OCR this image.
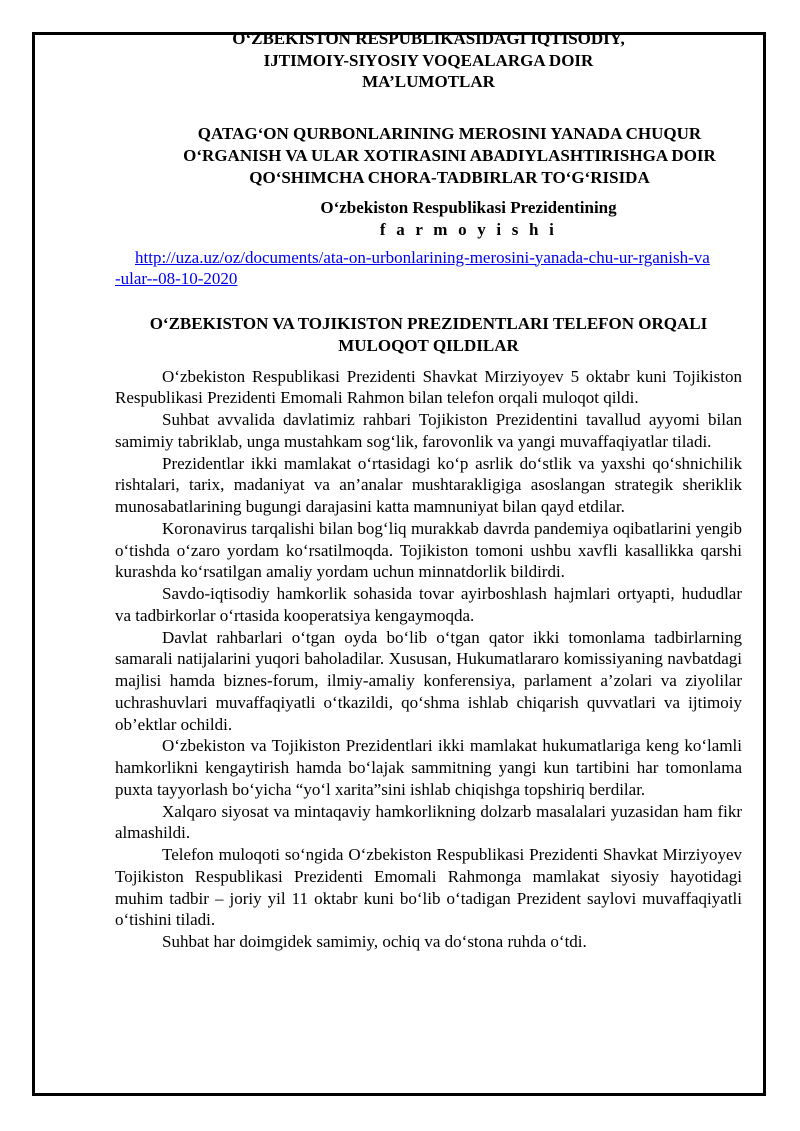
O‘ZBEKISTON RESPUBLIKASIDAGI IQTISODIY,
IJTIMOIY-SIYOSIY VOQEALARGA DOIR
MA’LUMOTLAR
QATAG‘ON QURBONLARINING MEROSINI YANADA CHUQUR
O‘RGANISH VA ULAR XOTIRASINI ABADIYLASHTIRISHGA DOIR
QO‘SHIMCHA CHORA-TADBIRLAR TO‘G‘RISIDA
O‘zbekiston Respublikasi Prezidentining
f a r m o y i s h i
http://uza.uz/oz/documents/ata-on-urbonlarining-merosini-yanada-chu-ur-rganish-va-ular--08-10-2020
O‘ZBEKISTON VA TOJIKISTON PREZIDENTLARI TELEFON ORQALI
MULOQOT QILDILAR

O‘zbekiston Respublikasi Prezidenti Shavkat Mirziyoyev 5 oktabr kuni Tojikiston Respublikasi Prezidenti Emomali Rahmon bilan telefon orqali muloqot qildi.

Suhbat avvalida davlatimiz rahbari Tojikiston Prezidentini tavallud ayyomi bilan samimiy tabriklab, unga mustahkam sog‘lik, farovonlik va yangi muvaffaqiyatlar tiladi.

Prezidentlar ikki mamlakat o‘rtasidagi ko‘p asrlik do‘stlik va yaxshi qo‘shnichilik rishtalari, tarix, madaniyat va an’analar mushtarakligiga asoslangan strategik sheriklik munosabatlarining bugungi darajasini katta mamnuniyat bilan qayd etdilar.

Koronavirus tarqalishi bilan bog‘liq murakkab davrda pandemiya oqibatlarini yengib o‘tishda o‘zaro yordam ko‘rsatilmoqda. Tojikiston tomoni ushbu xavfli kasallikka qarshi kurashda ko‘rsatilgan amaliy yordam uchun minnatdorlik bildirdi.

Savdo-iqtisodiy hamkorlik sohasida tovar ayirboshlash hajmlari ortyapti, hududlar va tadbirkorlar o‘rtasida kooperatsiya kengaymoqda.

Davlat rahbarlari o‘tgan oyda bo‘lib o‘tgan qator ikki tomonlama tadbirlarning samarali natijalarini yuqori baholadilar. Xususan, Hukumatlararo komissiyaning navbatdagi majlisi hamda biznes-forum, ilmiy-amaliy konferensiya, parlament a’zolari va ziyolilar uchrashuvlari muvaffaqiyatli o‘tkazildi, qo‘shma ishlab chiqarish quvvatlari va ijtimoiy ob’ektlar ochildi.

O‘zbekiston va Tojikiston Prezidentlari ikki mamlakat hukumatlariga keng ko‘lamli hamkorlikni kengaytirish hamda bo‘lajak sammitning yangi kun tartibini har tomonlama puxta tayyorlash bo‘yicha “yo‘l xarita”sini ishlab chiqishga topshiriq berdilar.

Xalqaro siyosat va mintaqaviy hamkorlikning dolzarb masalalari yuzasidan ham fikr almashildi.

Telefon muloqoti so‘ngida O‘zbekiston Respublikasi Prezidenti Shavkat Mirziyoyev Tojikiston Respublikasi Prezidenti Emomali Rahmonga mamlakat siyosiy hayotidagi muhim tadbir – joriy yil 11 oktabr kuni bo‘lib o‘tadigan Prezident saylovi muvaffaqiyatli o‘tishini tiladi.

Suhbat har doimgidek samimiy, ochiq va do‘stona ruhda o‘tdi.
